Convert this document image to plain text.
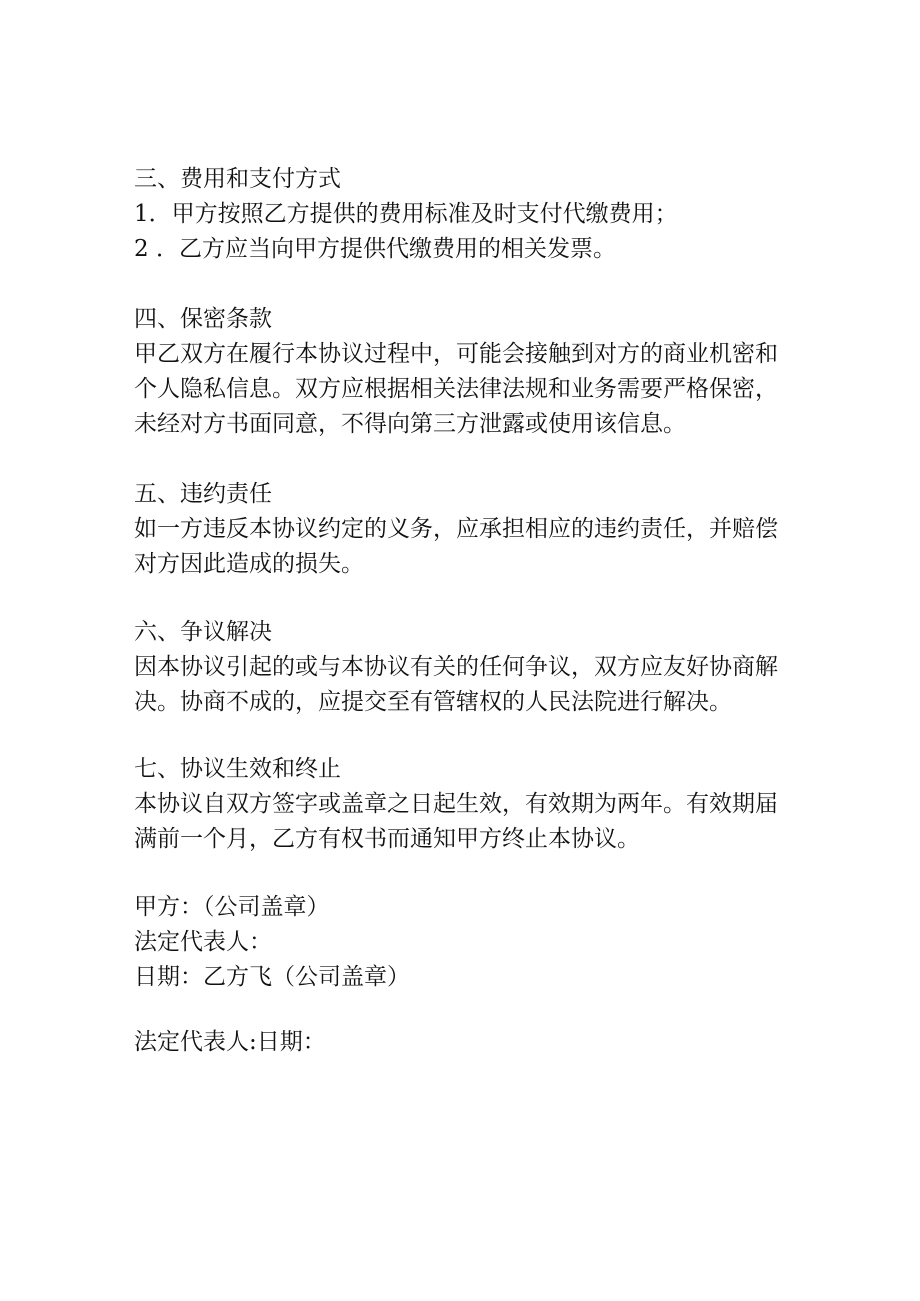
三、费用和支付方式
1．甲方按照乙方提供的费用标准及时支付代缴费用；
2 ．乙方应当向甲方提供代缴费用的相关发票。
四、保密条款
甲乙双方在履行本协议过程中，可能会接触到对方的商业机密和
个人隐私信息。双方应根据相关法律法规和业务需要严格保密，
未经对方书面同意，不得向第三方泄露或使用该信息。
五、违约责任
如一方违反本协议约定的义务，应承担相应的违约责任，并赔偿
对方因此造成的损失。
六、争议解决
因本协议引起的或与本协议有关的任何争议，双方应友好协商解
决。协商不成的，应提交至有管辖权的人民法院进行解决。
七、协议生效和终止
本协议自双方签字或盖章之日起生效，有效期为两年。有效期届
满前一个月，乙方有权书而通知甲方终止本协议。
甲方：（公司盖章）
法定代表人：
日期：乙方飞（公司盖章）
法定代表人:日期：
